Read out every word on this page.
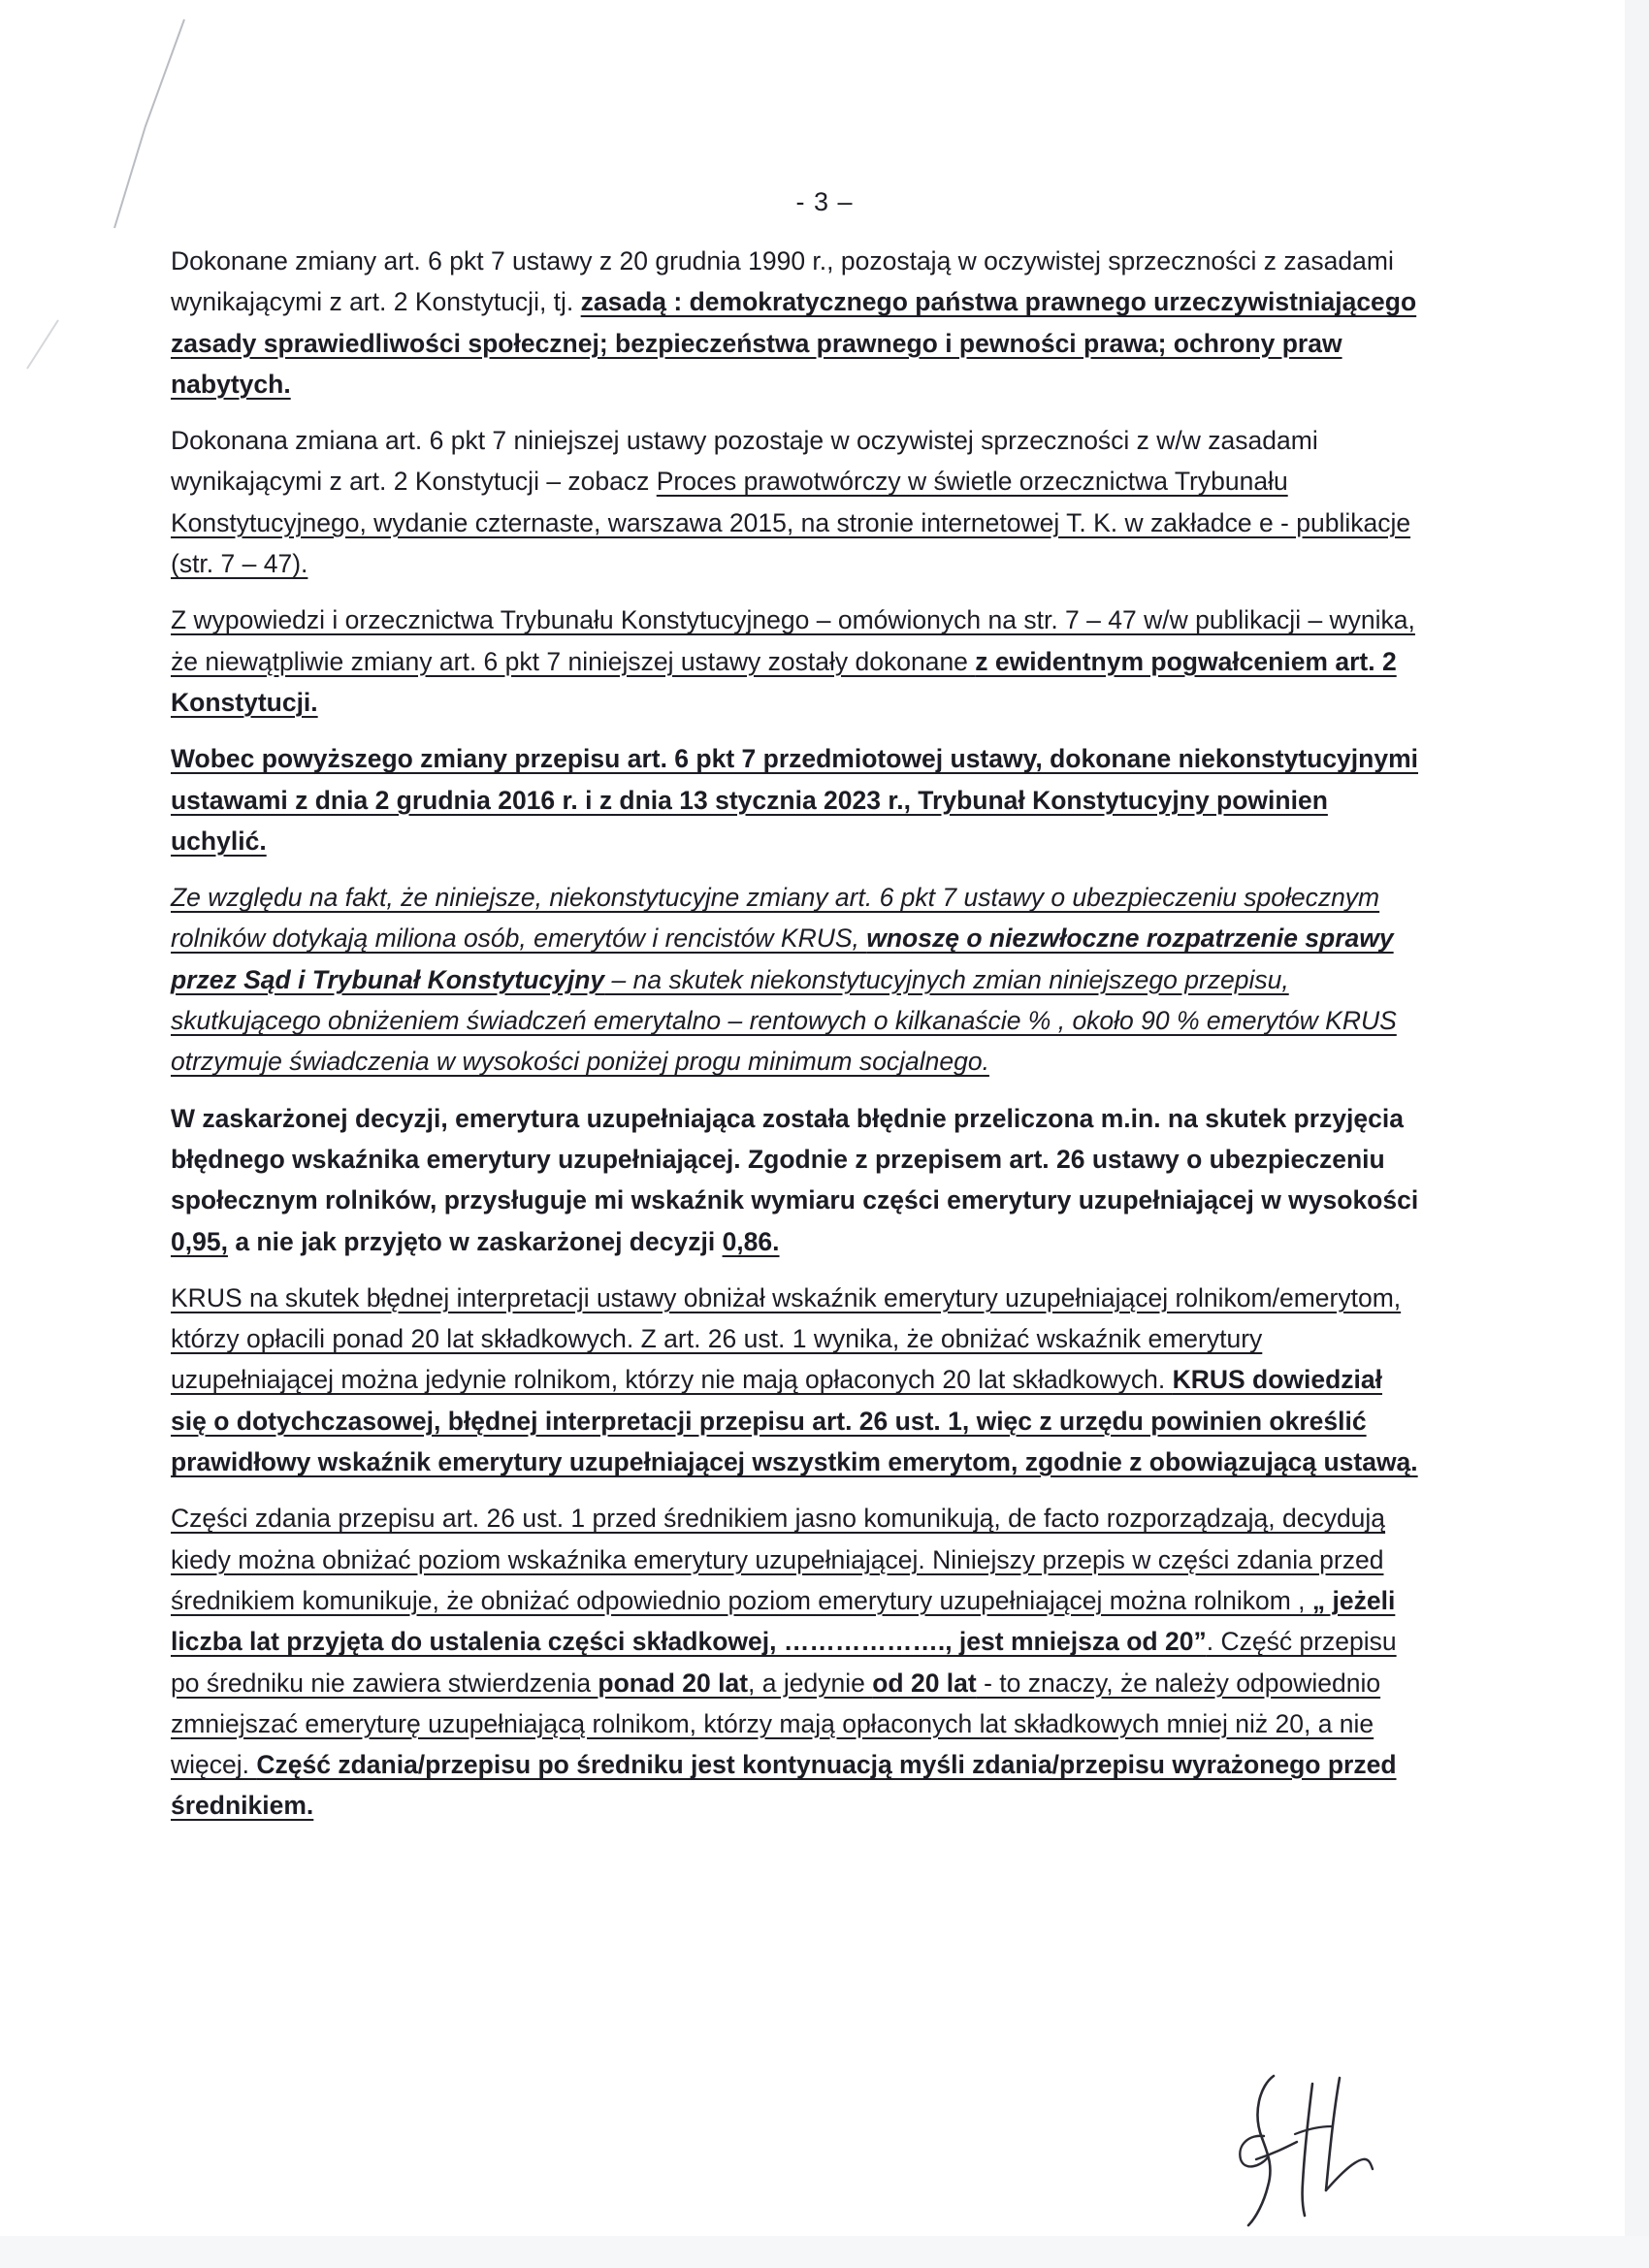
- 3 –

Dokonane zmiany art. 6 pkt 7 ustawy z 20 grudnia 1990 r., pozostają w oczywistej sprzeczności z zasadami wynikającymi z art. 2 Konstytucji, tj. zasadą : demokratycznego państwa prawnego urzeczywistniającego zasady sprawiedliwości społecznej; bezpieczeństwa prawnego i pewności prawa; ochrony praw nabytych.

Dokonana zmiana art. 6 pkt 7 niniejszej ustawy pozostaje w oczywistej sprzeczności z w/w zasadami wynikającymi z art. 2 Konstytucji – zobacz Proces prawotwórczy w świetle orzecznictwa Trybunału Konstytucyjnego, wydanie czternaste, warszawa 2015, na stronie internetowej T. K. w zakładce e - publikacje (str. 7 – 47).

Z wypowiedzi i orzecznictwa Trybunału Konstytucyjnego – omówionych na str. 7 – 47 w/w publikacji – wynika, że niewątpliwie zmiany art. 6 pkt 7 niniejszej ustawy zostały dokonane z ewidentnym pogwałceniem art. 2 Konstytucji.

Wobec powyższego zmiany przepisu art. 6 pkt 7 przedmiotowej ustawy, dokonane niekonstytucyjnymi ustawami z dnia 2 grudnia 2016 r. i z dnia 13 stycznia 2023 r., Trybunał Konstytucyjny powinien uchylić.

Ze względu na fakt, że niniejsze, niekonstytucyjne zmiany art. 6 pkt 7 ustawy o ubezpieczeniu społecznym rolników dotykają miliona osób, emerytów i rencistów KRUS, wnoszę o niezwłoczne rozpatrzenie sprawy przez Sąd i Trybunał Konstytucyjny – na skutek niekonstytucyjnych zmian niniejszego przepisu, skutkującego obniżeniem świadczeń emerytalno – rentowych o kilkanaście % , około 90 % emerytów KRUS otrzymuje świadczenia w wysokości poniżej progu minimum socjalnego.

W zaskarżonej decyzji, emerytura uzupełniająca została błędnie przeliczona m.in. na skutek przyjęcia błędnego wskaźnika emerytury uzupełniającej. Zgodnie z przepisem art. 26 ustawy o ubezpieczeniu społecznym rolników, przysługuje mi wskaźnik wymiaru części emerytury uzupełniającej w wysokości 0,95, a nie jak przyjęto w zaskarżonej decyzji 0,86.

KRUS na skutek błędnej interpretacji ustawy obniżał wskaźnik emerytury uzupełniającej rolnikom/emerytom, którzy opłacili ponad 20 lat składkowych. Z art. 26 ust. 1 wynika, że obniżać wskaźnik emerytury uzupełniającej można jedynie rolnikom, którzy nie mają opłaconych 20 lat składkowych. KRUS dowiedział się o dotychczasowej, błędnej interpretacji przepisu art. 26 ust. 1, więc z urzędu powinien określić prawidłowy wskaźnik emerytury uzupełniającej wszystkim emerytom, zgodnie z obowiązującą ustawą.

Części zdania przepisu art. 26 ust. 1 przed średnikiem jasno komunikują, de facto rozporządzają, decydują kiedy można obniżać poziom wskaźnika emerytury uzupełniającej. Niniejszy przepis w części zdania przed średnikiem komunikuje, że obniżać odpowiednio poziom emerytury uzupełniającej można rolnikom , „ jeżeli liczba lat przyjęta do ustalenia części składkowej, ………………., jest mniejsza od 20”. Część przepisu po średniku nie zawiera stwierdzenia ponad 20 lat, a jedynie od 20 lat - to znaczy, że należy odpowiednio zmniejszać emeryturę uzupełniającą rolnikom, którzy mają opłaconych lat składkowych mniej niż 20, a nie więcej. Część zdania/przepisu po średniku jest kontynuacją myśli zdania/przepisu wyrażonego przed średnikiem.
